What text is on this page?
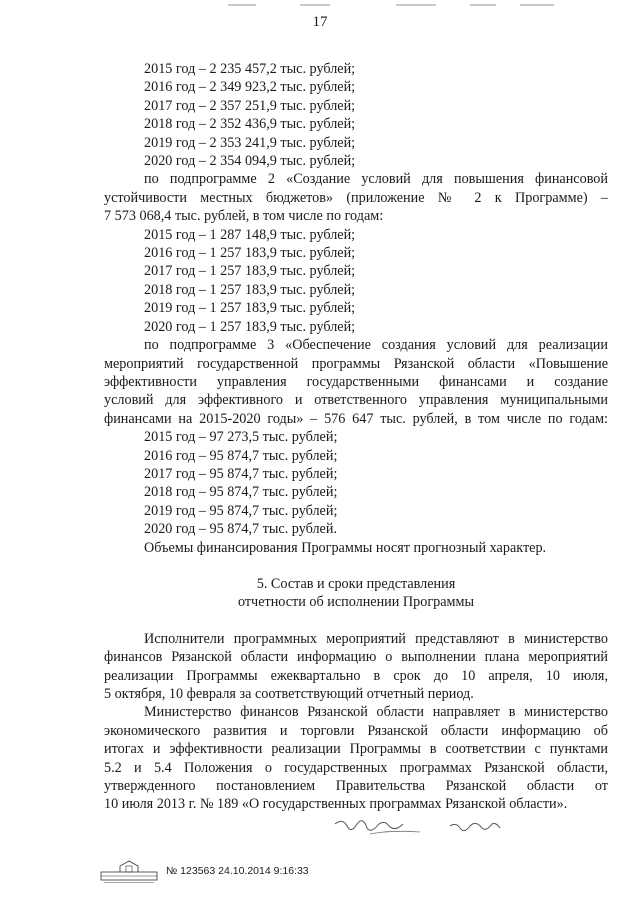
17
2015 год – 2 235 457,2 тыс. рублей;
2016 год – 2 349 923,2 тыс. рублей;
2017 год – 2 357 251,9 тыс. рублей;
2018 год – 2 352 436,9 тыс. рублей;
2019 год – 2 353 241,9 тыс. рублей;
2020 год – 2 354 094,9 тыс. рублей;
по подпрограмме 2 «Создание условий для повышения финансовой
устойчивости местных бюджетов» (приложение № 2 к Программе) –
7 573 068,4 тыс. рублей, в том числе по годам:
2015 год – 1 287 148,9 тыс. рублей;
2016 год – 1 257 183,9 тыс. рублей;
2017 год – 1 257 183,9 тыс. рублей;
2018 год – 1 257 183,9 тыс. рублей;
2019 год – 1 257 183,9 тыс. рублей;
2020 год – 1 257 183,9 тыс. рублей;
по подпрограмме 3 «Обеспечение создания условий для реализации
мероприятий государственной программы Рязанской области «Повышение
эффективности управления государственными финансами и создание
условий для эффективного и ответственного управления муниципальными
финансами на 2015-2020 годы» – 576 647 тыс. рублей, в том числе по годам:
2015 год – 97 273,5 тыс. рублей;
2016 год – 95 874,7 тыс. рублей;
2017 год – 95 874,7 тыс. рублей;
2018 год – 95 874,7 тыс. рублей;
2019 год – 95 874,7 тыс. рублей;
2020 год – 95 874,7 тыс. рублей.
Объемы финансирования Программы носят прогнозный характер.
5. Состав и сроки представления
отчетности об исполнении Программы
Исполнители программных мероприятий представляют в министерство
финансов Рязанской области информацию о выполнении плана мероприятий
реализации Программы ежеквартально в срок до 10 апреля, 10 июля,
5 октября, 10 февраля за соответствующий отчетный период.
Министерство финансов Рязанской области направляет в министерство
экономического развития и торговли Рязанской области информацию об
итогах и эффективности реализации Программы в соответствии с пунктами
5.2 и 5.4 Положения о государственных программах Рязанской области,
утвержденного постановлением Правительства Рязанской области от
10 июля 2013 г. № 189 «О государственных программах Рязанской области».
№ 123563 24.10.2014 9:16:33
